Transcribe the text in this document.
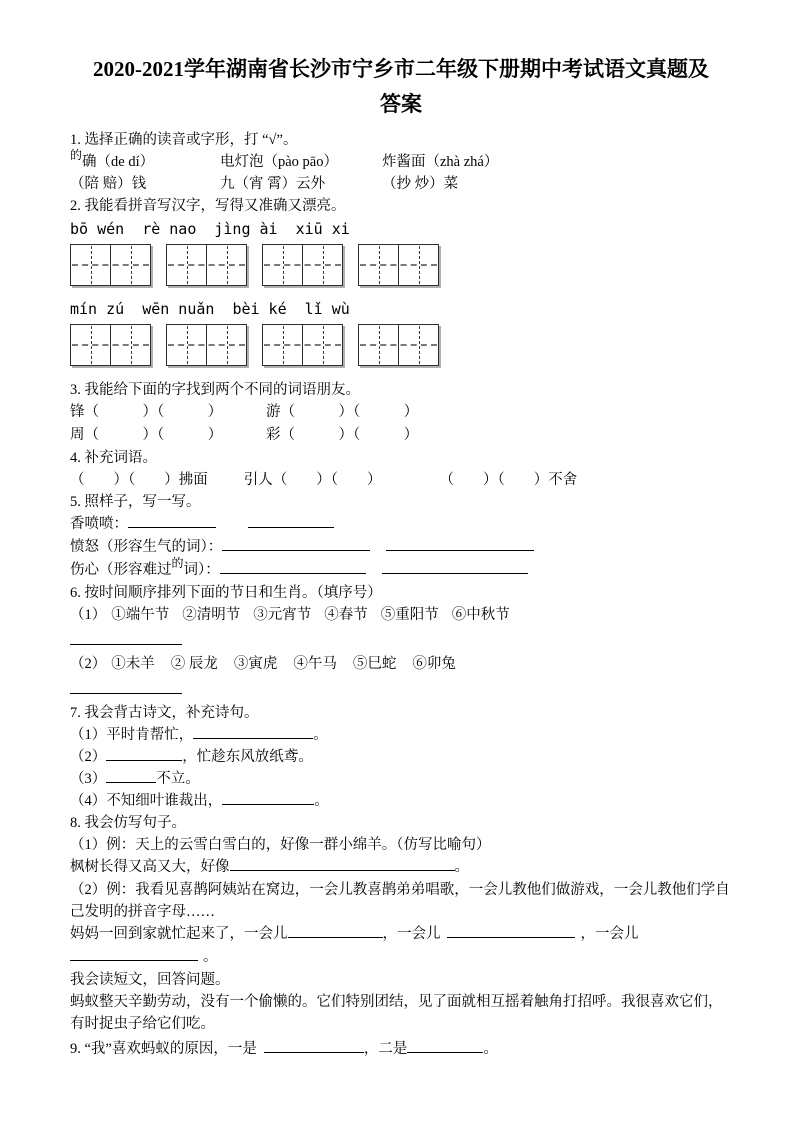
2020-2021学年湖南省长沙市宁乡市二年级下册期中考试语文真题及
答案

1. 选择正确的读音或字形，打 “√”。

$^的$确（de dí）	电灯泡（pào pāo）	炸酱面（zhà zhá）

（陪 赔）钱	九（宵 霄）云外	（抄 炒）菜

2. 我能看拼音写汉字，写得又准确又漂亮。

bō wén rè nao jìng ài xiū xi

mín zú wēn nuǎn bèi ké lǐ wù

3. 我能给下面的字找到两个不同的词语朋友。

锋（　　　）（　　　）	游（　　　）（　　　）

周（　　　）（　　　）	彩（　　　）（　　　）

4. 补充词语。

（　　）（　　）拂面 引人（　　）（　　）	（　　）（　　）不舍

5. 照样子，写一写。

香喷喷：

愤怒（形容生气的词）：

伤心（形容难过$^的$词）：

6. 按时间顺序排列下面的节日和生肖。（填序号）

（1） ①端午节 ②清明节 ③元宵节 ④春节 ⑤重阳节 ⑥中秋节

（2） ①未羊 ② 辰龙 ③寅虎 ④午马 ⑤巳蛇 ⑥卯兔

7. 我会背古诗文，补充诗句。

（1）平时肯帮忙，	。

（2）	，忙趁东风放纸鸢。

（3）	不立。

（4）不知细叶谁裁出，	。

8. 我会仿写句子。

（1）例：天上的云雪白雪白的，好像一群小绵羊。（仿写比喻句）

枫树长得又高又大，好像	。

（2）例：我看见喜鹊阿姨站在窝边，一会儿教喜鹊弟弟唱歌，一会儿教他们做游戏，一会儿教他们学自己发明的拼音字母……

妈妈一回到家就忙起来了，一会儿	，一会儿	，一会儿

。

我会读短文，回答问题。

蚂蚁整天辛勤劳动，没有一个偷懒的。它们特别团结，见了面就相互摇着触角打招呼。我很喜欢它们，有时捉虫子给它们吃。

9. “我”喜欢蚂蚁的原因，一是	，二是	。
